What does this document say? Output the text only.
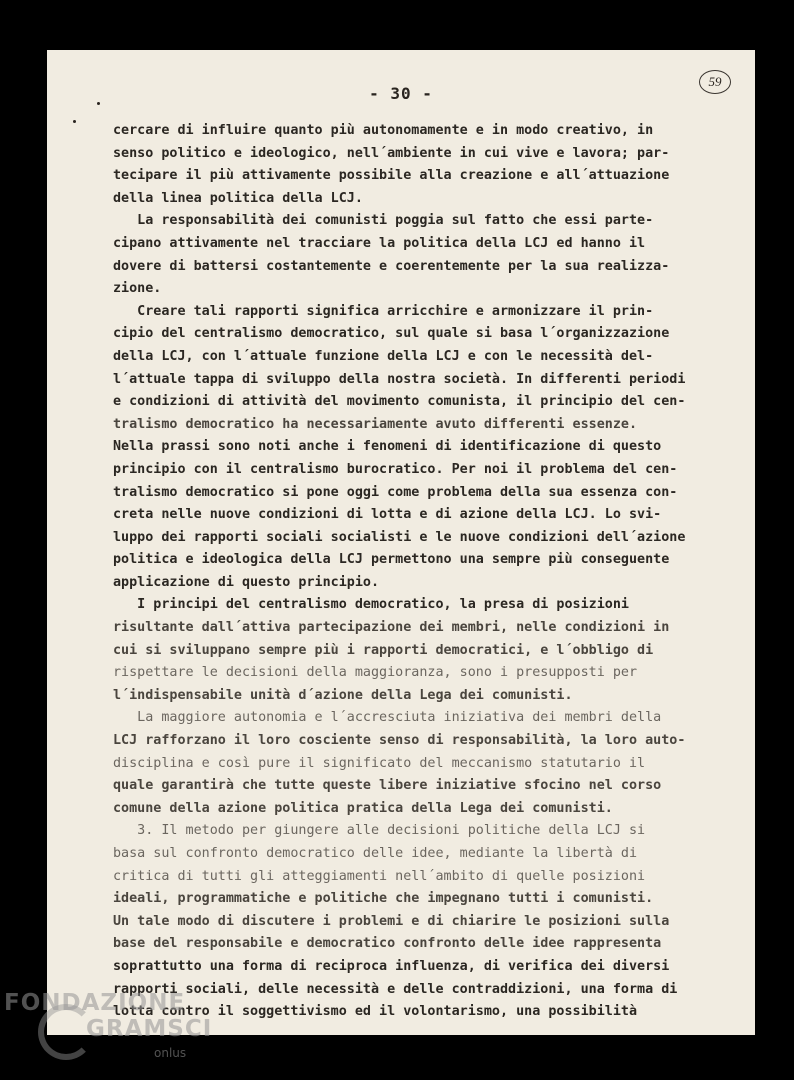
- 30 -
59
cercare di influire quanto più autonomamente e in modo creativo, in
senso politico e ideologico, nell´ambiente in cui vive e lavora; par-
tecipare il più attivamente possibile alla creazione e all´attuazione
della linea politica della LCJ.
La responsabilità dei comunisti poggia sul fatto che essi parte-
cipano attivamente nel tracciare la politica della LCJ ed hanno il
dovere di battersi costantemente e coerentemente per la sua realizza-
zione.
Creare tali rapporti significa arricchire e armonizzare il prin-
cipio del centralismo democratico, sul quale si basa l´organizzazione
della LCJ, con l´attuale funzione della LCJ e con le necessità del-
l´attuale tappa di sviluppo della nostra società. In differenti periodi
e condizioni di attività del movimento comunista, il principio del cen-
tralismo democratico ha necessariamente avuto differenti essenze.
Nella prassi sono noti anche i fenomeni di identificazione di questo
principio con il centralismo burocratico. Per noi il problema del cen-
tralismo democratico si pone oggi come problema della sua essenza con-
creta nelle nuove condizioni di lotta e di azione della LCJ. Lo svi-
luppo dei rapporti sociali socialisti e le nuove condizioni dell´azione
politica e ideologica della LCJ permettono una sempre più conseguente
applicazione di questo principio.
I principi del centralismo democratico, la presa di posizioni
risultante dall´attiva partecipazione dei membri, nelle condizioni in
cui si sviluppano sempre più i rapporti democratici, e l´obbligo di
rispettare le decisioni della maggioranza, sono i presupposti per
l´indispensabile unità d´azione della Lega dei comunisti.
La maggiore autonomia e l´accresciuta iniziativa dei membri della
LCJ rafforzano il loro cosciente senso di responsabilità, la loro auto-
disciplina e così pure il significato del meccanismo statutario il
quale garantirà che tutte queste libere iniziative sfocino nel corso
comune della azione politica pratica della Lega dei comunisti.
3. Il metodo per giungere alle decisioni politiche della LCJ si
basa sul confronto democratico delle idee, mediante la libertà di
critica di tutti gli atteggiamenti nell´ambito di quelle posizioni
ideali, programmatiche e politiche che impegnano tutti i comunisti.
Un tale modo di discutere i problemi e di chiarire le posizioni sulla
base del responsabile e democratico confronto delle idee rappresenta
soprattutto una forma di reciproca influenza, di verifica dei diversi
rapporti sociali, delle necessità e delle contraddizioni, una forma di
lotta contro il soggettivismo ed il volontarismo, una possibilità
FONDAZIONE
GRAMSCI
onlus
